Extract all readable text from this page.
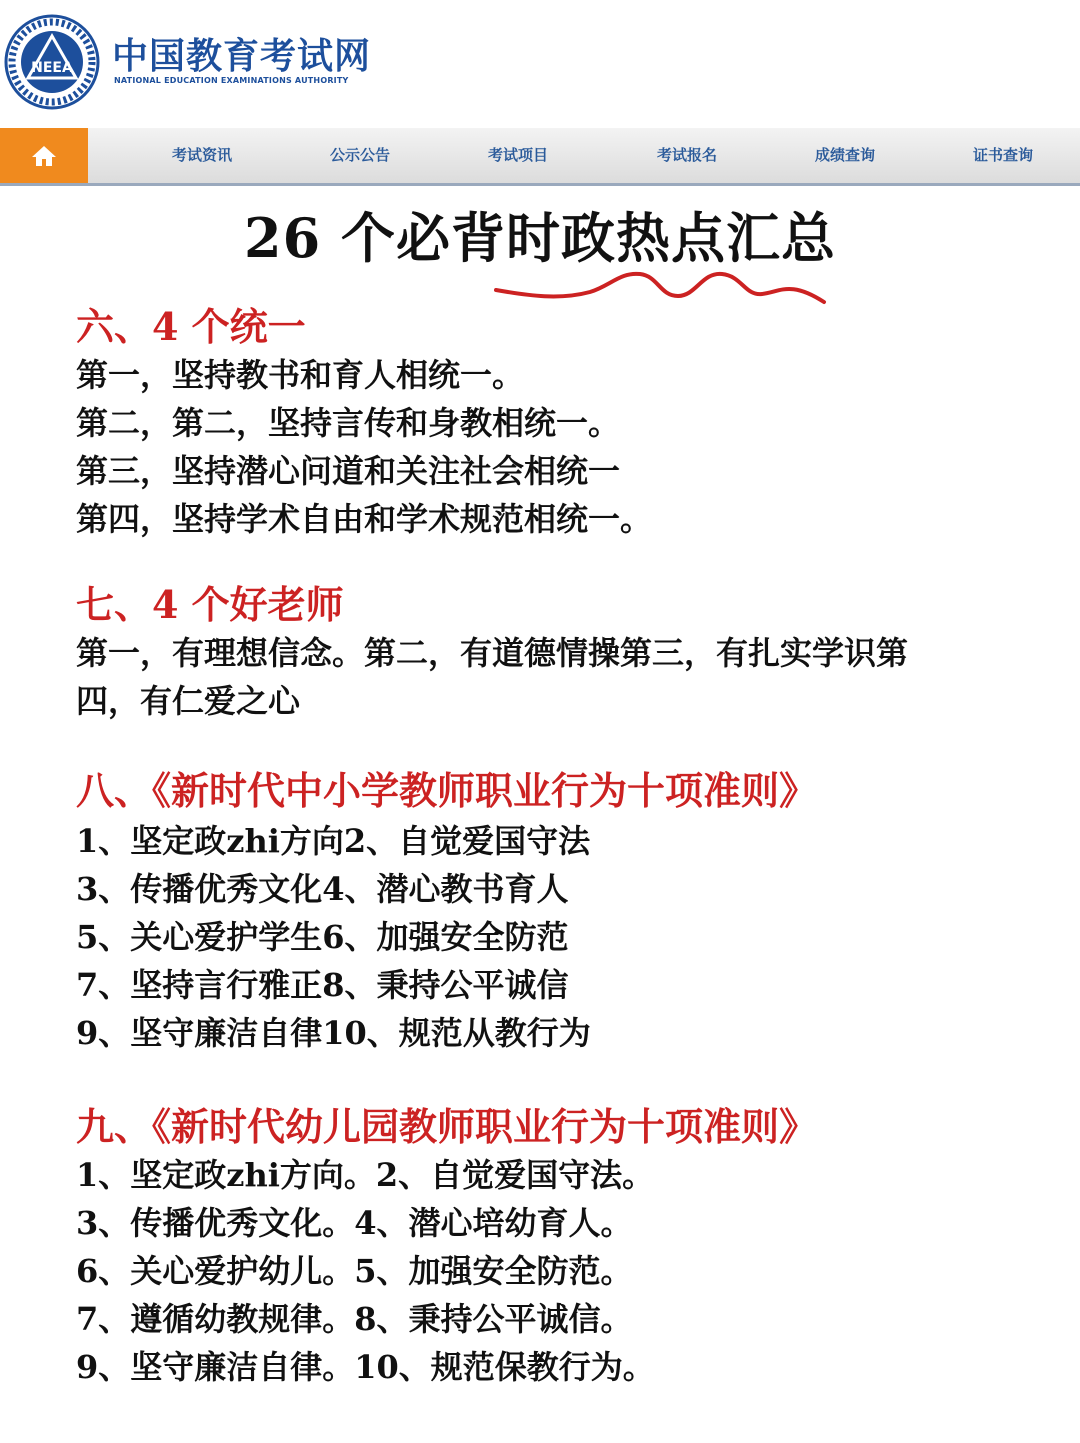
NEEA 中国教育考试网
NATIONAL EDUCATION EXAMINATIONS AUTHORITY
考试资讯	公示公告	考试项目	考试报名	成绩查询	证书查询
26 个必背时政热点汇总
六、4 个统一
第一，坚持教书和育人相统一。
第二，第二，坚持言传和身教相统一。
第三，坚持潜心问道和关注社会相统一
第四，坚持学术自由和学术规范相统一。
七、4 个好老师
第一，有理想信念。第二，有道德情操第三，有扎实学识第
四，有仁爱之心
八、《新时代中小学教师职业行为十项准则》
1、坚定政zhi方向2、自觉爱国守法
3、传播优秀文化4、潜心教书育人
5、关心爱护学生6、加强安全防范
7、坚持言行雅正8、秉持公平诚信
9、坚守廉洁自律10、规范从教行为
九、《新时代幼儿园教师职业行为十项准则》
1、坚定政zhi方向。2、自觉爱国守法。
3、传播优秀文化。4、潜心培幼育人。
6、关心爱护幼儿。5、加强安全防范。
7、遵循幼教规律。8、秉持公平诚信。
9、坚守廉洁自律。10、规范保教行为。
